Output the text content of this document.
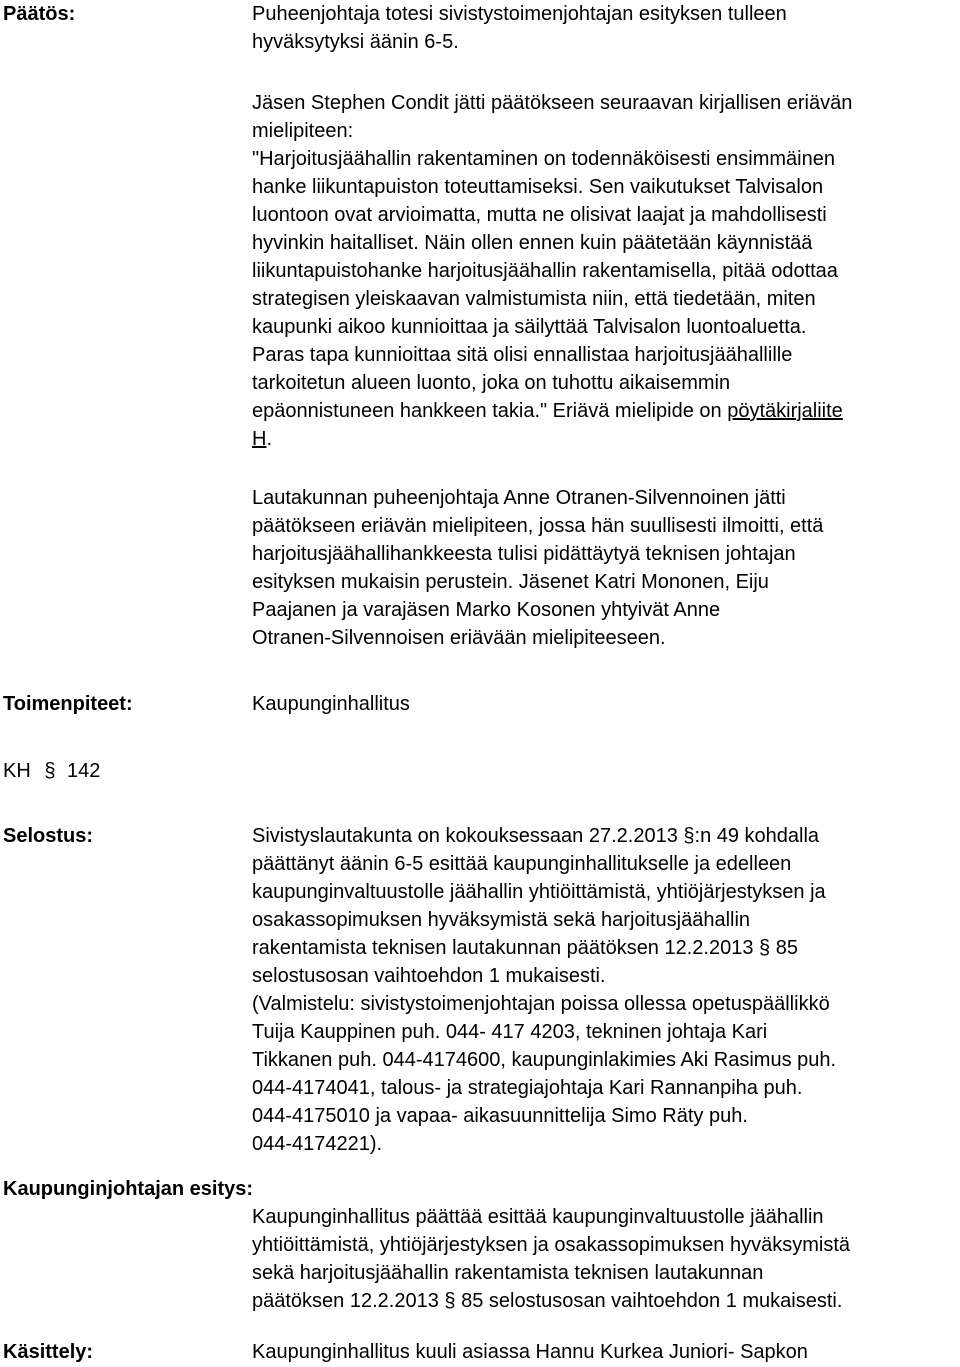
Päätös:	Puheenjohtaja totesi sivistystoimenjohtajan esityksen tulleen
hyväksytyksi äänin 6-5.

Jäsen Stephen Condit jätti päätökseen seuraavan kirjallisen eriävän
mielipiteen:
"Harjoitusjäähallin rakentaminen on todennäköisesti ensimmäinen
hanke liikuntapuiston toteuttamiseksi. Sen vaikutukset Talvisalon
luontoon ovat arvioimatta, mutta ne olisivat laajat ja mahdollisesti
hyvinkin haitalliset. Näin ollen ennen kuin päätetään käynnistää
liikuntapuistohanke harjoitusjäähallin rakentamisella, pitää odottaa
strategisen yleiskaavan valmistumista niin, että tiedetään, miten
kaupunki aikoo kunnioittaa ja säilyttää Talvisalon luontoaluetta.
Paras tapa kunnioittaa sitä olisi ennallistaa harjoitusjäähallille
tarkoitetun alueen luonto, joka on tuhottu aikaisemmin
epäonnistuneen hankkeen takia." Eriävä mielipide on pöytäkirjaliite
H.

Lautakunnan puheenjohtaja Anne Otranen-Silvennoinen jätti
päätökseen eriävän mielipiteen, jossa hän suullisesti ilmoitti, että
harjoitusjäähallihankkeesta tulisi pidättäytyä teknisen johtajan
esityksen mukaisin perustein. Jäsenet Katri Mononen, Eiju
Paajanen ja varajäsen Marko Kosonen yhtyivät Anne
Otranen-Silvennoisen eriävään mielipiteeseen.

Toimenpiteet:	Kaupunginhallitus
KH § 142
Selostus:	Sivistyslautakunta on kokouksessaan 27.2.2013 §:n 49 kohdalla
päättänyt äänin 6-5 esittää kaupunginhallitukselle ja edelleen
kaupunginvaltuustolle jäähallin yhtiöittämistä, yhtiöjärjestyksen ja
osakassopimuksen hyväksymistä sekä harjoitusjäähallin
rakentamista teknisen lautakunnan päätöksen 12.2.2013 § 85
selostusosan vaihtoehdon 1 mukaisesti.
(Valmistelu: sivistystoimenjohtajan poissa ollessa opetuspäällikkö
Tuija Kauppinen puh. 044- 417 4203, tekninen johtaja Kari
Tikkanen puh. 044-4174600, kaupunginlakimies Aki Rasimus puh.
044-4174041, talous- ja strategiajohtaja Kari Rannanpiha puh.
044-4175010 ja vapaa- aikasuunnittelija Simo Räty puh.
044-4174221).

Kaupunginjohtajan esitys:

Kaupunginhallitus päättää esittää kaupunginvaltuustolle jäähallin
yhtiöittämistä, yhtiöjärjestyksen ja osakassopimuksen hyväksymistä
sekä harjoitusjäähallin rakentamista teknisen lautakunnan
päätöksen 12.2.2013 § 85 selostusosan vaihtoehdon 1 mukaisesti.

Käsittely:	Kaupunginhallitus kuuli asiassa Hannu Kurkea Juniori- Sapkon
